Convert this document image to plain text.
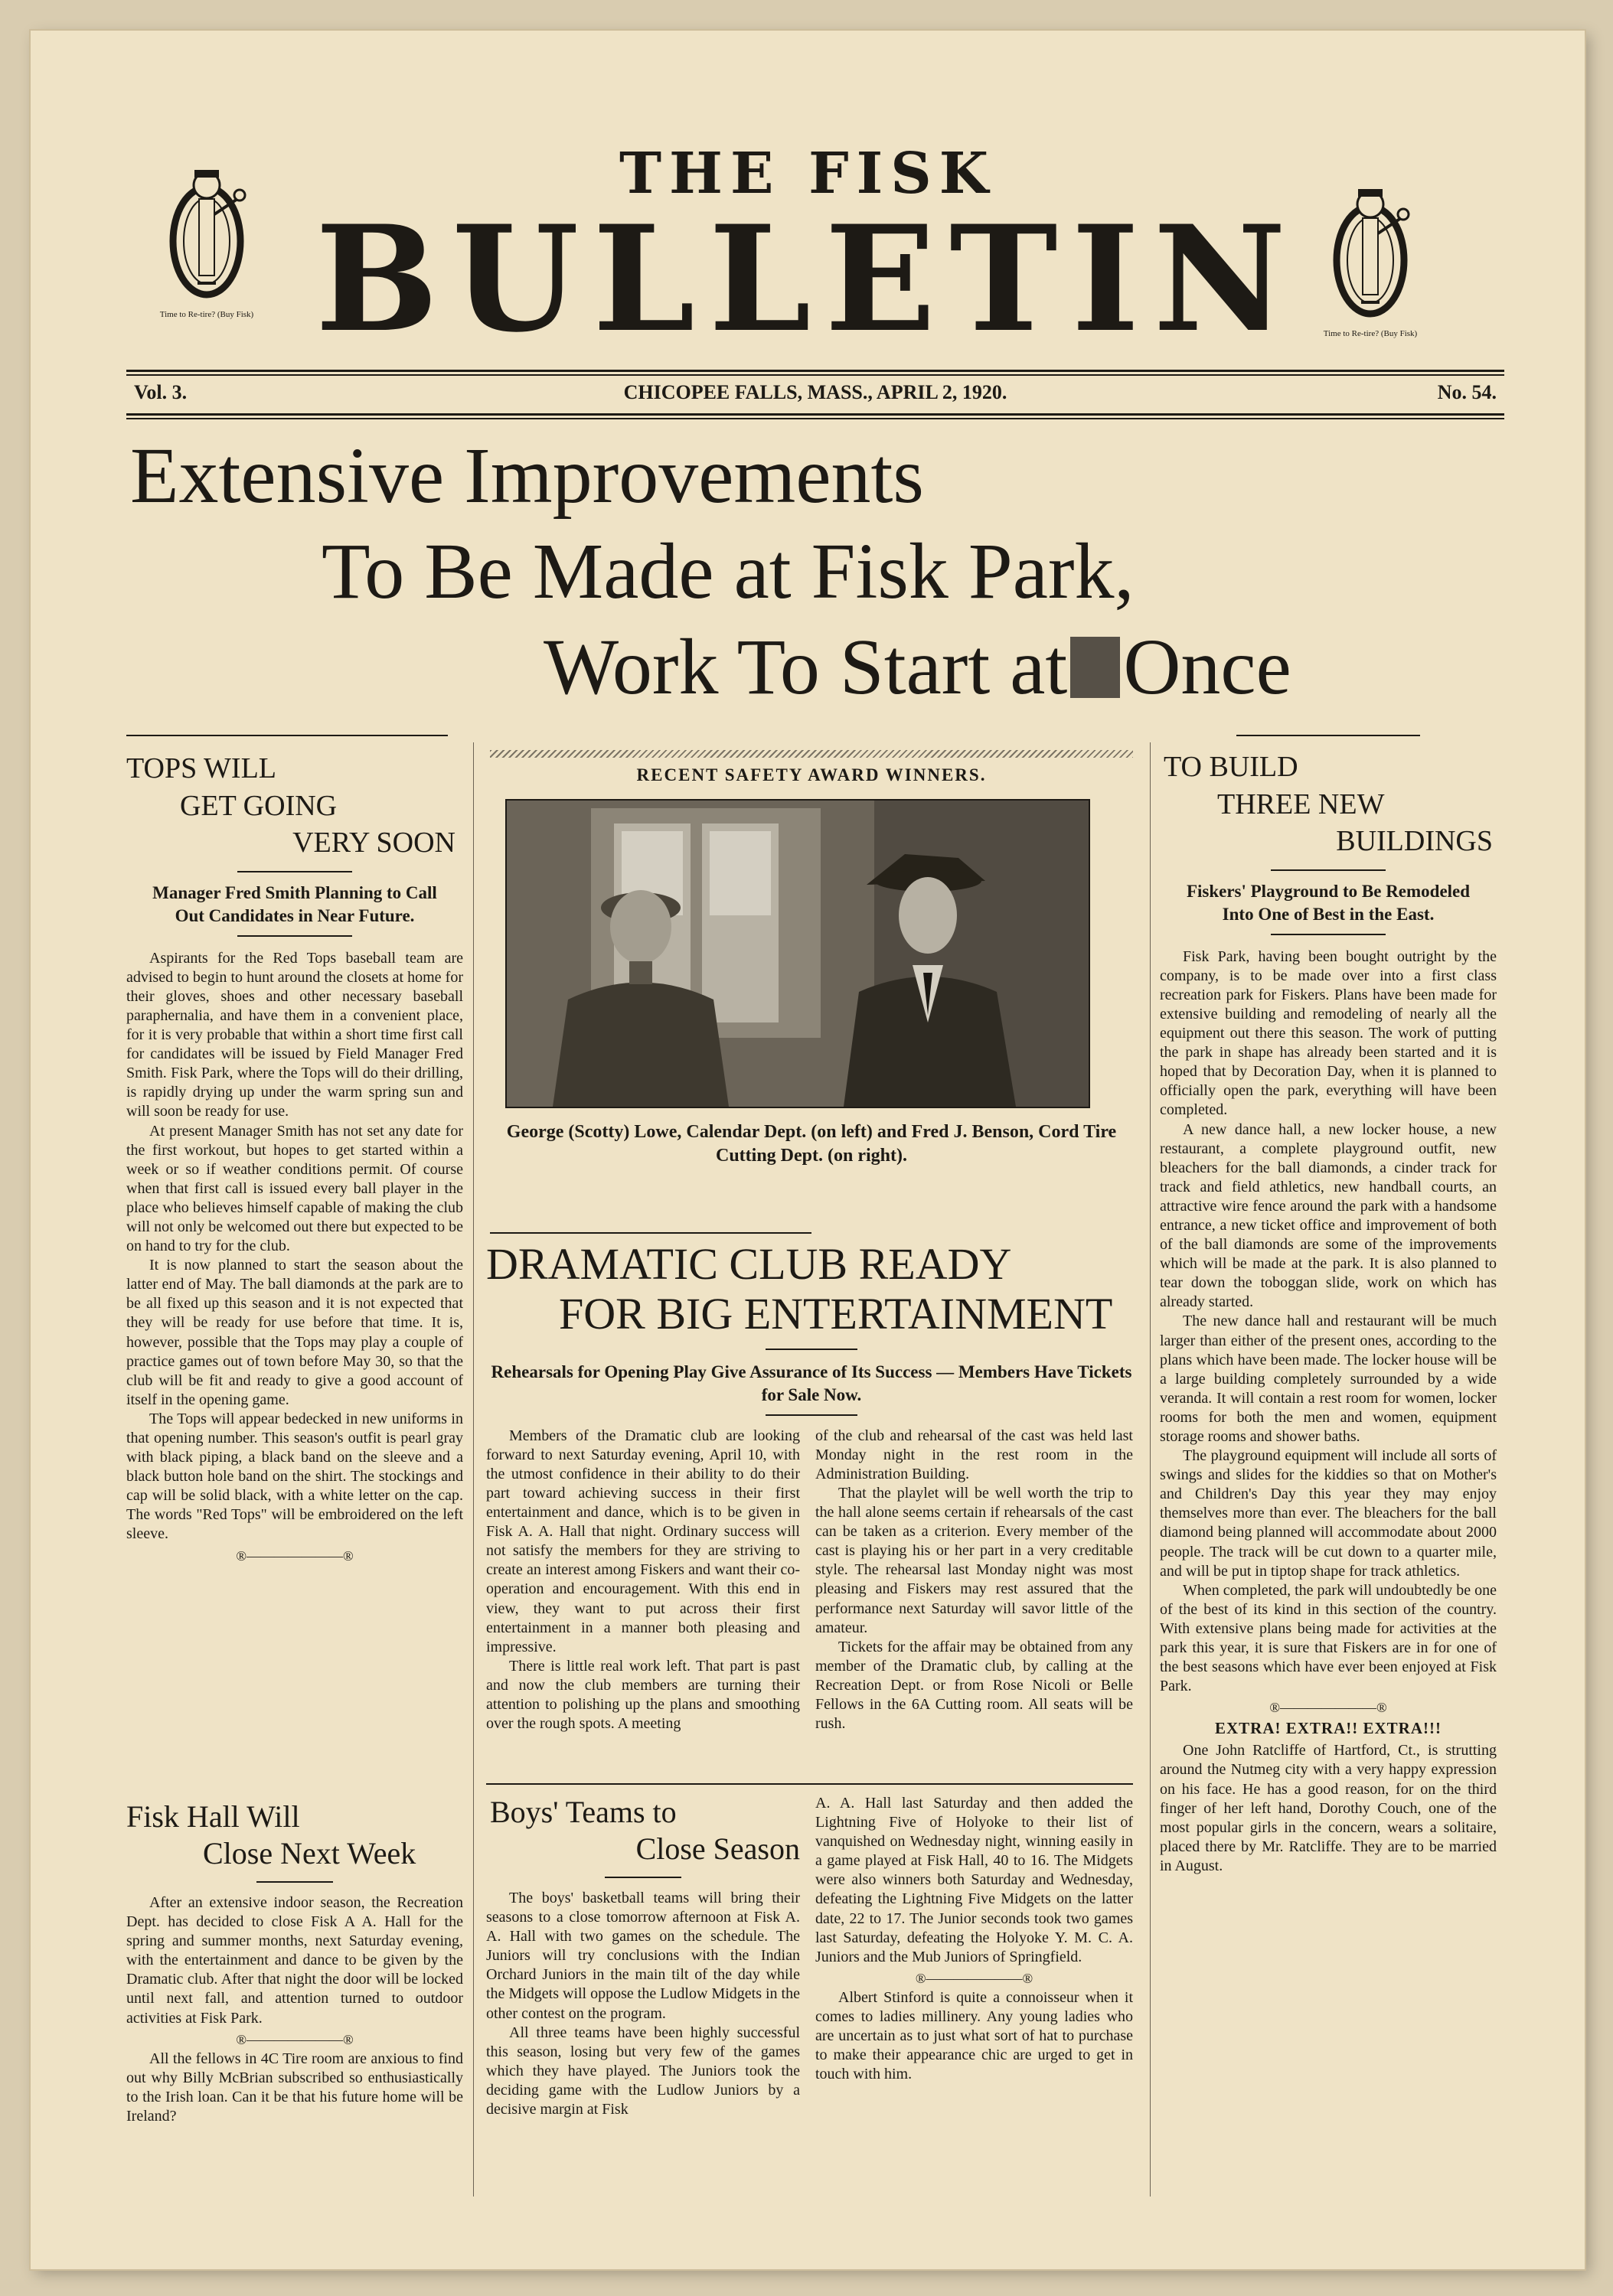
Time to Re-tire? (Buy Fisk)
Time to Re-tire? (Buy Fisk)
THE FISK
BULLETIN
Vol. 3.	CHICOPEE FALLS, MASS., APRIL 2, 1920.	No. 54.
Extensive Improvements
To Be Made at Fisk Park,
Work To Start at Once
TOPS WILL
GET GOING
VERY SOON
Manager Fred Smith Planning to Call Out Candidates in Near Future.

Aspirants for the Red Tops baseball team are advised to begin to hunt around the closets at home for their gloves, shoes and other necessary baseball paraphernalia, and have them in a convenient place, for it is very probable that within a short time first call for candidates will be issued by Field Manager Fred Smith. Fisk Park, where the Tops will do their drilling, is rapidly drying up under the warm spring sun and will soon be ready for use.

At present Manager Smith has not set any date for the first workout, but hopes to get started within a week or so if weather conditions permit. Of course when that first call is issued every ball player in the place who believes himself capable of making the club will not only be welcomed out there but expected to be on hand to try for the club.

It is now planned to start the season about the latter end of May. The ball diamonds at the park are to be all fixed up this season and it is not expected that they will be ready for use before that time. It is, however, possible that the Tops may play a couple of practice games out of town before May 30, so that the club will be fit and ready to give a good account of itself in the opening game.

The Tops will appear bedecked in new uniforms in that opening number. This season's outfit is pearl gray with black piping, a black band on the sleeve and a black button hole band on the shirt. The stockings and cap will be solid black, with a white letter on the cap. The words "Red Tops" will be embroidered on the left sleeve.

®———————®
RECENT SAFETY AWARD WINNERS.
George (Scotty) Lowe, Calendar Dept. (on left) and Fred J. Benson, Cord Tire Cutting Dept. (on right).
DRAMATIC CLUB READY
FOR BIG ENTERTAINMENT
Rehearsals for Opening Play Give Assurance of Its Success — Members Have Tickets for Sale Now.

Members of the Dramatic club are looking forward to next Saturday evening, April 10, with the utmost confidence in their ability to do their part toward achieving success in their first entertainment and dance, which is to be given in Fisk A. A. Hall that night. Ordinary success will not satisfy the members for they are striving to create an interest among Fiskers and want their co-operation and encouragement. With this end in view, they want to put across their first entertainment in a manner both pleasing and impressive.

There is little real work left. That part is past and now the club members are turning their attention to polishing up the plans and smoothing over the rough spots. A meeting

of the club and rehearsal of the cast was held last Monday night in the rest room in the Administration Building.

That the playlet will be well worth the trip to the hall alone seems certain if rehearsals of the cast can be taken as a criterion. Every member of the cast is playing his or her part in a very creditable style. The rehearsal last Monday night was most pleasing and Fiskers may rest assured that the performance next Saturday will savor little of the amateur.

Tickets for the affair may be obtained from any member of the Dramatic club, by calling at the Recreation Dept. or from Rose Nicoli or Belle Fellows in the 6A Cutting room. All seats will be rush.

TO BUILD
THREE NEW
BUILDINGS
Fiskers' Playground to Be Remodeled Into One of Best in the East.

Fisk Park, having been bought outright by the company, is to be made over into a first class recreation park for Fiskers. Plans have been made for extensive building and remodeling of nearly all the equipment out there this season. The work of putting the park in shape has already been started and it is hoped that by Decoration Day, when it is planned to officially open the park, everything will have been completed.

A new dance hall, a new locker house, a new restaurant, a complete playground outfit, new bleachers for the ball diamonds, a cinder track for track and field athletics, new handball courts, an attractive wire fence around the park with a handsome entrance, a new ticket office and improvement of both of the ball diamonds are some of the improvements which will be made at the park. It is also planned to tear down the toboggan slide, work on which has already started.

The new dance hall and restaurant will be much larger than either of the present ones, according to the plans which have been made. The locker house will be a large building completely surrounded by a wide veranda. It will contain a rest room for women, locker rooms for both the men and women, equipment storage rooms and shower baths.

The playground equipment will include all sorts of swings and slides for the kiddies so that on Mother's and Children's Day this year they may enjoy themselves more than ever. The bleachers for the ball diamond being planned will accommodate about 2000 people. The track will be cut down to a quarter mile, and will be put in tiptop shape for track athletics.

When completed, the park will undoubtedly be one of the best of its kind in this section of the country. With extensive plans being made for activities at the park this year, it is sure that Fiskers are in for one of the best seasons which have ever been enjoyed at Fisk Park.

®———————®
EXTRA! EXTRA!! EXTRA!!!

One John Ratcliffe of Hartford, Ct., is strutting around the Nutmeg city with a very happy expression on his face. He has a good reason, for on the third finger of her left hand, Dorothy Couch, one of the most popular girls in the concern, wears a solitaire, placed there by Mr. Ratcliffe. They are to be married in August.

Fisk Hall Will
Close Next Week

After an extensive indoor season, the Recreation Dept. has decided to close Fisk A A. Hall for the spring and summer months, next Saturday evening, with the entertainment and dance to be given by the Dramatic club. After that night the door will be locked until next fall, and attention turned to outdoor activities at Fisk Park.

®———————®

All the fellows in 4C Tire room are anxious to find out why Billy McBrian subscribed so enthusiastically to the Irish loan. Can it be that his future home will be Ireland?

Boys' Teams to
Close Season

The boys' basketball teams will bring their seasons to a close tomorrow afternoon at Fisk A. A. Hall with two games on the schedule. The Juniors will try conclusions with the Indian Orchard Juniors in the main tilt of the day while the Midgets will oppose the Ludlow Midgets in the other contest on the program.

All three teams have been highly successful this season, losing but very few of the games which they have played. The Juniors took the deciding game with the Ludlow Juniors by a decisive margin at Fisk

A. A. Hall last Saturday and then added the Lightning Five of Holyoke to their list of vanquished on Wednesday night, winning easily in a game played at Fisk Hall, 40 to 16. The Midgets were also winners both Saturday and Wednesday, defeating the Lightning Five Midgets on the latter date, 22 to 17. The Junior seconds took two games last Saturday, defeating the Holyoke Y. M. C. A. Juniors and the Mub Juniors of Springfield.

®———————®

Albert Stinford is quite a connoisseur when it comes to ladies millinery. Any young ladies who are uncertain as to just what sort of hat to purchase to make their appearance chic are urged to get in touch with him.
